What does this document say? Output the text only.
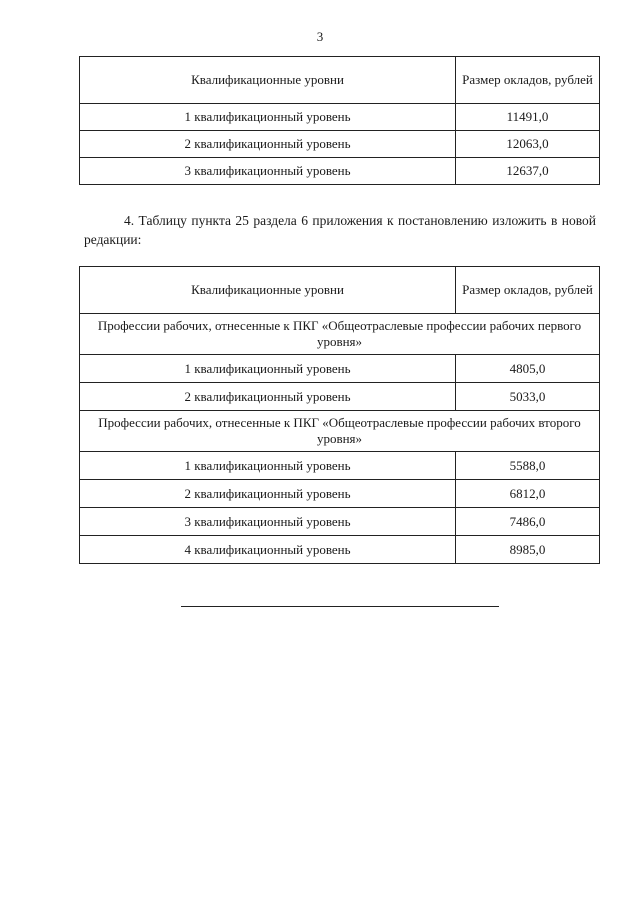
3
Квалификационные уровни	Размер окладов, рублей
1 квалификационный уровень	11491,0
2 квалификационный уровень	12063,0
3 квалификационный уровень	12637,0
4. Таблицу пункта 25 раздела 6 приложения к постановлению изложить в новой редакции:
Квалификационные уровни	Размер окладов, рублей
Профессии рабочих, отнесенные к ПКГ «Общеотраслевые профессии рабочих первого уровня»	
1 квалификационный уровень	4805,0
2 квалификационный уровень	5033,0
Профессии рабочих, отнесенные к ПКГ «Общеотраслевые профессии рабочих второго уровня»	
1 квалификационный уровень	5588,0
2 квалификационный уровень	6812,0
3 квалификационный уровень	7486,0
4 квалификационный уровень	8985,0
